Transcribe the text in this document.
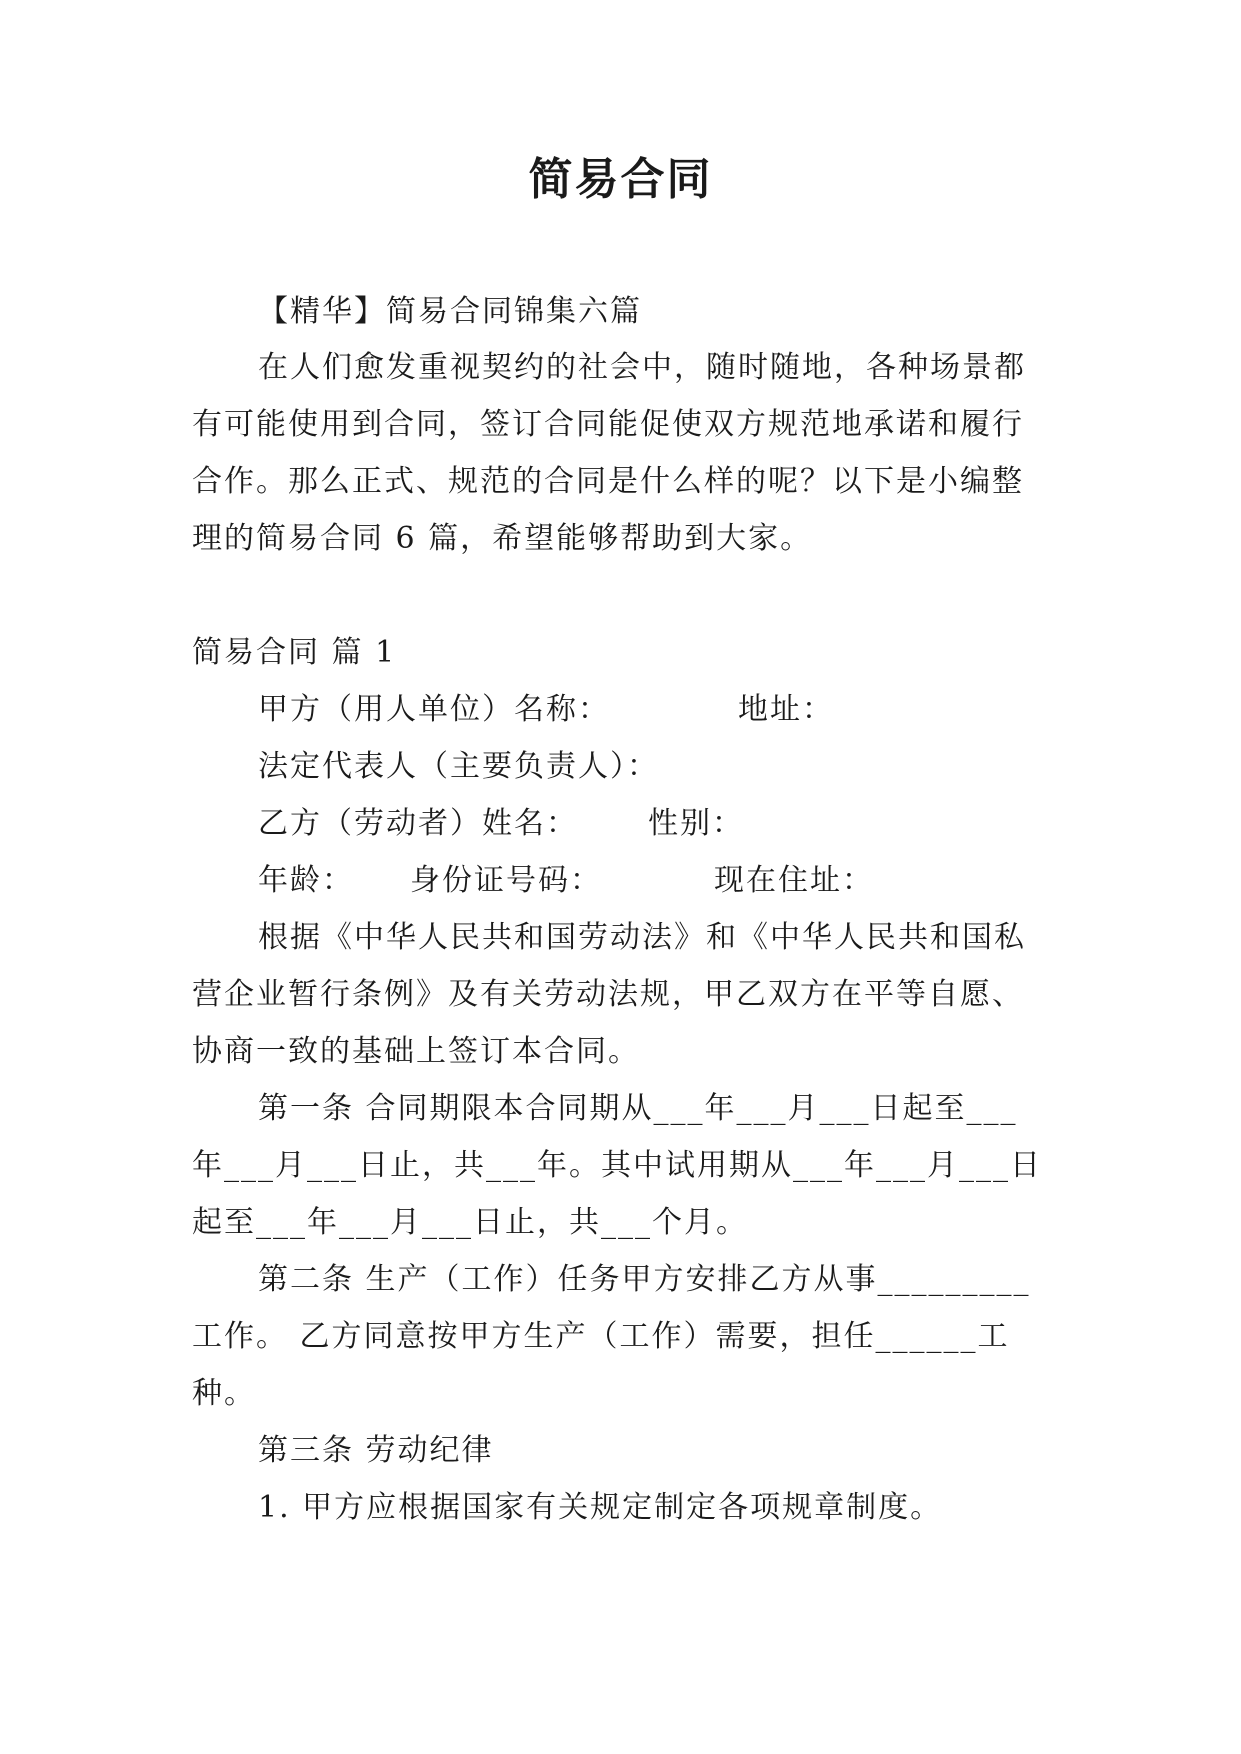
简易合同
【精华】简易合同锦集六篇
在人们愈发重视契约的社会中，随时随地，各种场景都
有可能使用到合同，签订合同能促使双方规范地承诺和履行
合作。那么正式、规范的合同是什么样的呢？以下是小编整
理的简易合同 6 篇，希望能够帮助到大家。
简易合同 篇 1
甲方（用人单位）名称：	地址：
法定代表人（主要负责人）：
乙方（劳动者）姓名： 性别：
年龄： 身份证号码：	现在住址：
根据《中华人民共和国劳动法》和《中华人民共和国私
营企业暂行条例》及有关劳动法规，甲乙双方在平等自愿、
协商一致的基础上签订本合同。
第一条 合同期限本合同期从___年___月___日起至___
年___月___日止，共___年。其中试用期从___年___月___日
起至___年___月___日止，共___个月。
第二条 生产（工作）任务甲方安排乙方从事_________
工作。 乙方同意按甲方生产（工作）需要，担任______工
种。
第三条 劳动纪律
1. 甲方应根据国家有关规定制定各项规章制度。
